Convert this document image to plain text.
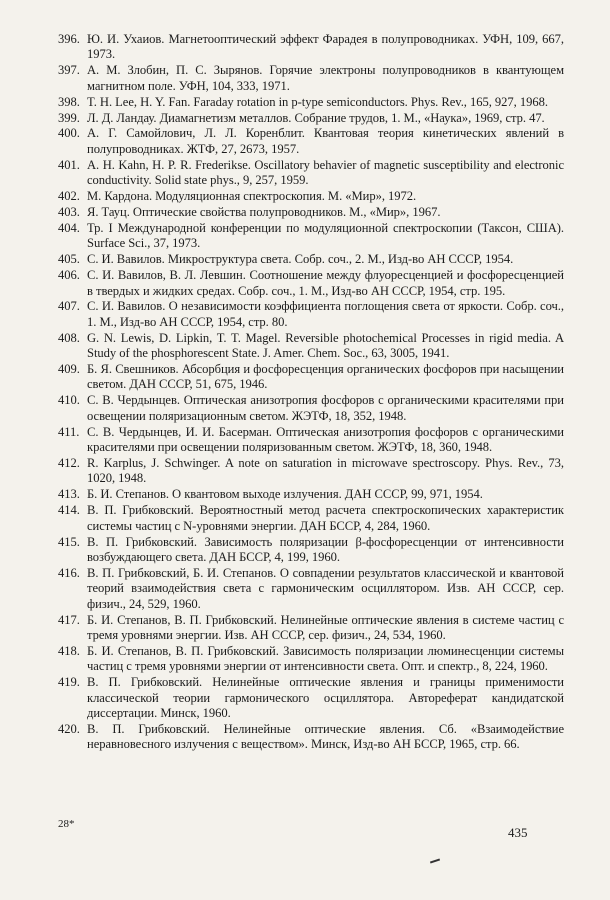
396. Ю. И. Ухаиов. Магнетооптический эффект Фарадея в полупроводниках. УФН, 109, 667, 1973.
397. А. М. Злобин, П. С. Зырянов. Горячие электроны полупроводников в квантующем магнитном поле. УФН, 104, 333, 1971.
398. T. H. Lee, H. Y. Fan. Faraday rotation in p-type semiconductors. Phys. Rev., 165, 927, 1968.
399. Л. Д. Ландау. Диамагнетизм металлов. Собрание трудов, 1. М., «Наука», 1969, стр. 47.
400. А. Г. Самойлович, Л. Л. Коренблит. Квантовая теория кинетических явлений в полупроводниках. ЖТФ, 27, 2673, 1957.
401. A. H. Kahn, H. P. R. Frederikse. Oscillatory behavier of magnetic susceptibility and electronic conductivity. Solid state phys., 9, 257, 1959.
402. М. Кардона. Модуляционная спектроскопия. М. «Мир», 1972.
403. Я. Тауц. Оптические свойства полупроводников. М., «Мир», 1967.
404. Тр. I Международной конференции по модуляционной спектроскопии (Таксон, США). Surface Sci., 37, 1973.
405. С. И. Вавилов. Микроструктура света. Собр. соч., 2. М., Изд-во АН СССР, 1954.
406. С. И. Вавилов, В. Л. Левшин. Соотношение между флуоресценцией и фосфоресценцией в твердых и жидких средах. Собр. соч., 1. М., Изд-во АН СССР, 1954, стр. 195.
407. С. И. Вавилов. О независимости коэффициента поглощения света от яркости. Собр. соч., 1. М., Изд-во АН СССР, 1954, стр. 80.
408. G. N. Lewis, D. Lipkin, T. T. Magel. Reversible photochemical Processes in rigid media. A Study of the phosphorescent State. J. Amer. Chem. Soc., 63, 3005, 1941.
409. Б. Я. Свешников. Абсорбция и фосфоресценция органических фосфоров при насыщении светом. ДАН СССР, 51, 675, 1946.
410. С. В. Чердынцев. Оптическая анизотропия фосфоров с органическими красителями при освещении поляризационным светом. ЖЭТФ, 18, 352, 1948.
411. С. В. Чердынцев, И. И. Басерман. Оптическая анизотропия фосфоров с органическими красителями при освещении поляризованным светом. ЖЭТФ, 18, 360, 1948.
412. R. Karplus, J. Schwinger. A note on saturation in microwave spectroscopy. Phys. Rev., 73, 1020, 1948.
413. Б. И. Степанов. О квантовом выходе излучения. ДАН СССР, 99, 971, 1954.
414. В. П. Грибковский. Вероятностный метод расчета спектроскопических характеристик системы частиц с N-уровнями энергии. ДАН БССР, 4, 284, 1960.
415. В. П. Грибковский. Зависимость поляризации β-фосфоресценции от интенсивности возбуждающего света. ДАН БССР, 4, 199, 1960.
416. В. П. Грибковский, Б. И. Степанов. О совпадении результатов классической и квантовой теорий взаимодействия света с гармоническим осциллятором. Изв. АН СССР, сер. физич., 24, 529, 1960.
417. Б. И. Степанов, В. П. Грибковский. Нелинейные оптические явления в системе частиц с тремя уровнями энергии. Изв. АН СССР, сер. физич., 24, 534, 1960.
418. Б. И. Степанов, В. П. Грибковский. Зависимость поляризации люминесценции системы частиц с тремя уровнями энергии от интенсивности света. Опт. и спектр., 8, 224, 1960.
419. В. П. Грибковский. Нелинейные оптические явления и границы применимости классической теории гармонического осциллятора. Автореферат кандидатской диссертации. Минск, 1960.
420. В. П. Грибковский. Нелинейные оптические явления. Сб. «Взаимодействие неравновесного излучения с веществом». Минск, Изд-во АН БССР, 1965, стр. 66.
28*
435
